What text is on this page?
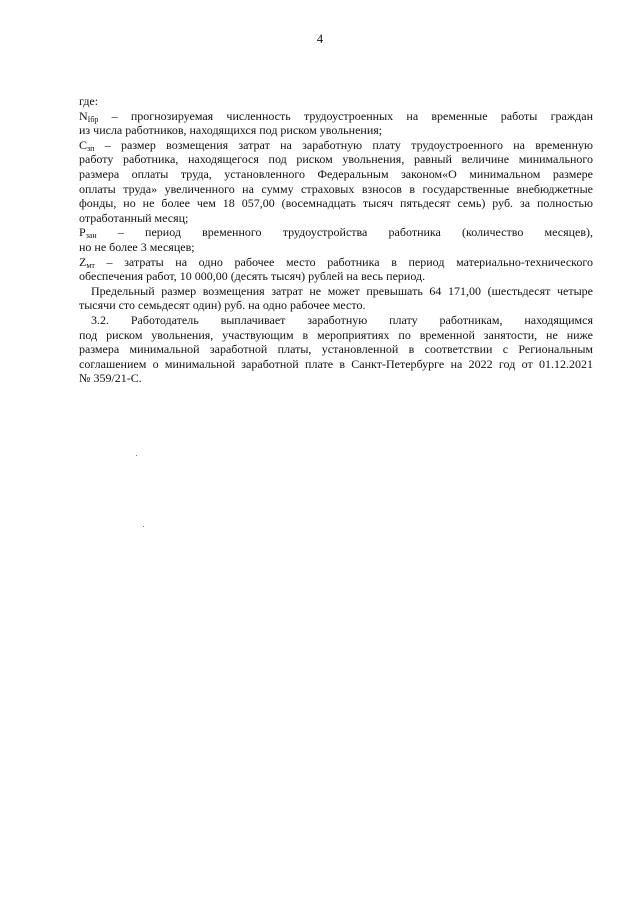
4
где:
$N_{Ібр}$ – прогнозируемая численность трудоустроенных на временные работы граждан
из числа работников, находящихся под риском увольнения;
$C_{зп}$ – размер возмещения затрат на заработную плату трудоустроенного на временную
работу работника, находящегося под риском увольнения, равный величине минимального
размера оплаты труда, установленного Федеральным законом«О минимальном размере
оплаты труда» увеличенного на сумму страховых взносов в государственные внебюджетные
фонды, но не более чем 18 057,00 (восемнадцать тысяч пятьдесят семь) руб. за полностью
отработанный месяц;
$P_{зан}$ – период временного трудоустройства работника (количество месяцев),
но не более 3 месяцев;
$Z_{мт}$ – затраты на одно рабочее место работника в период материально-технического
обеспечения работ, 10 000,00 (десять тысяч) рублей на весь период.
Предельный размер возмещения затрат не может превышать 64 171,00 (шестьдесят четыре
тысячи сто семьдесят один) руб. на одно рабочее место.
3.2. Работодатель выплачивает заработную плату работникам, находящимся
под риском увольнения, участвующим в мероприятиях по временной занятости, не ниже
размера минимальной заработной платы, установленной в соответствии с Региональным
соглашением о минимальной заработной плате в Санкт-Петербурге на 2022 год от 01.12.2021
№ 359/21-С.
